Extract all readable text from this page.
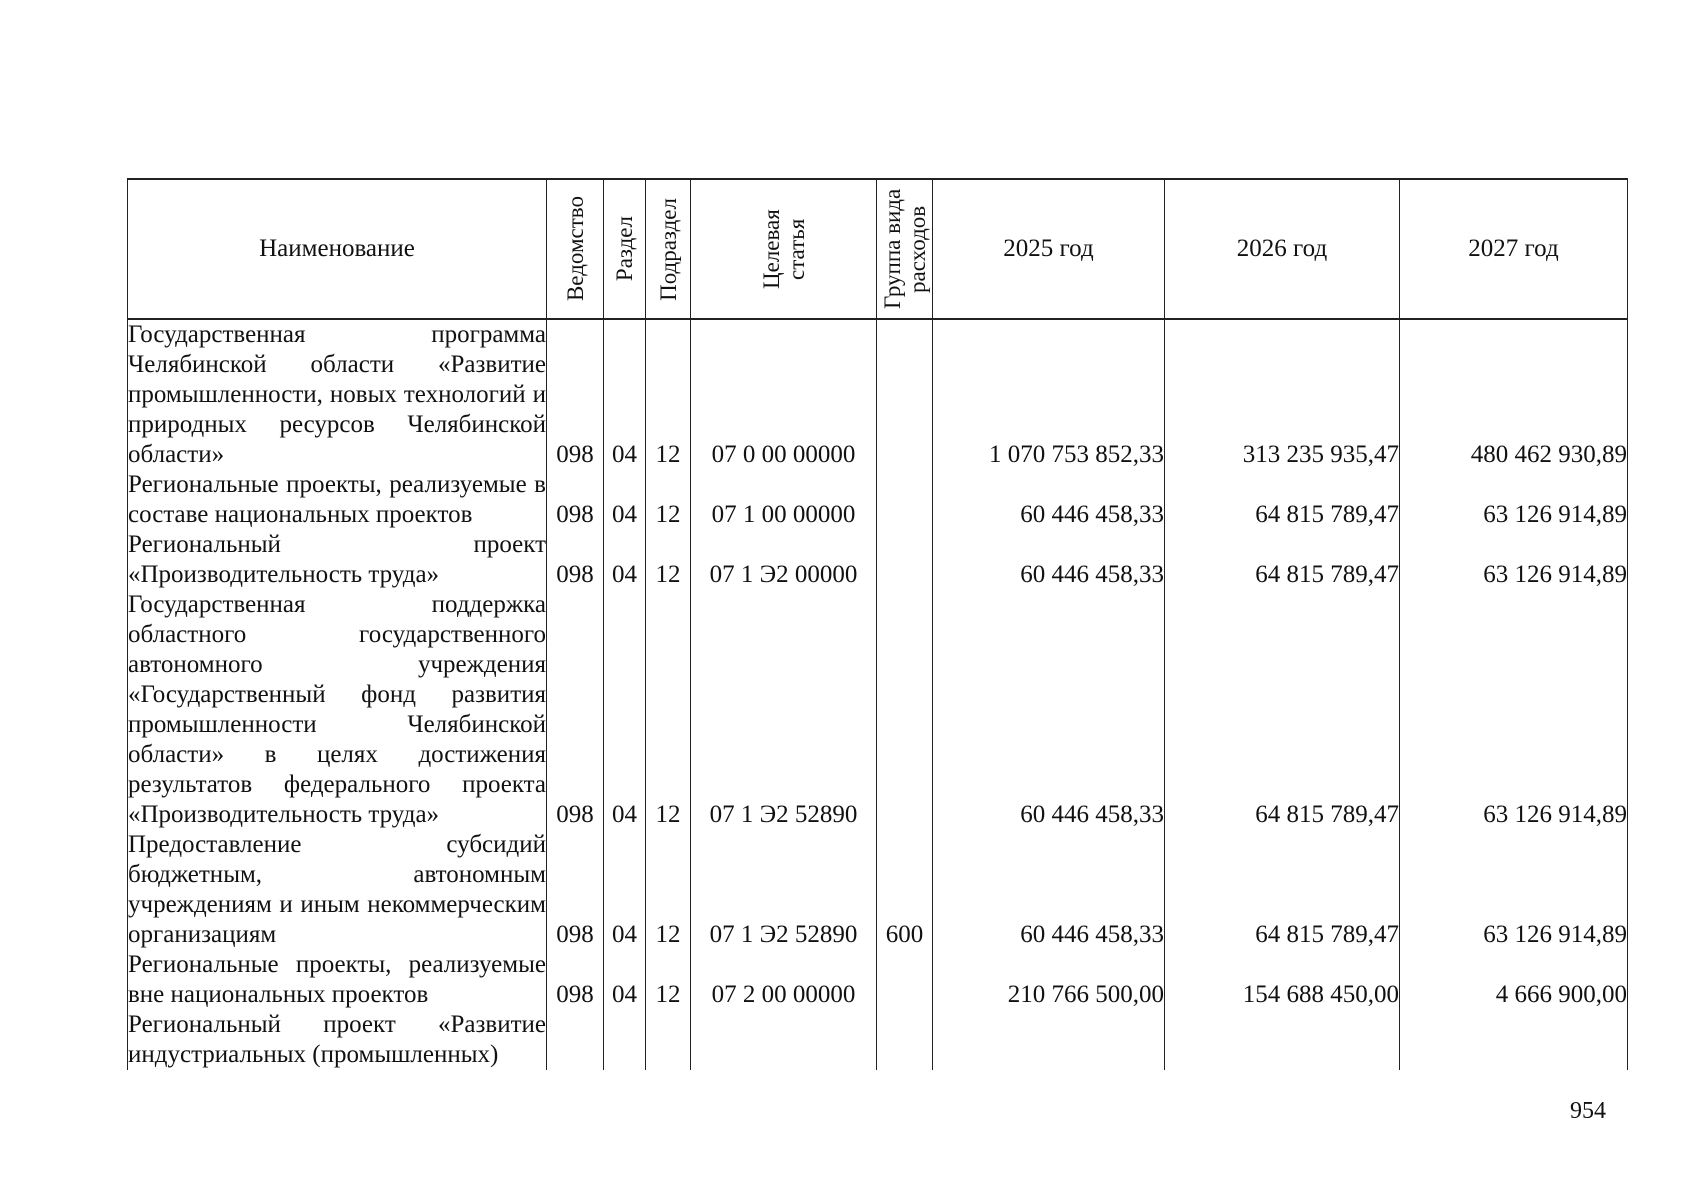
Наименование	Ведомство	Раздел	Подраздел	Целевая статья	Группа вида расходов	2025 год	2026 год	2027 год
Государственная программа Челябинской области «Развитие промышленности, новых технологий и природных ресурсов Челябинской области»	098	04	12	07 0 00 00000		1 070 753 852,33	313 235 935,47	480 462 930,89
Региональные проекты, реализуемые в составе национальных проектов	098	04	12	07 1 00 00000		60 446 458,33	64 815 789,47	63 126 914,89
Региональный проект «Производительность труда»	098	04	12	07 1 Э2 00000		60 446 458,33	64 815 789,47	63 126 914,89
Государственная поддержка областного государственного автономного учреждения «Государственный фонд развития промышленности Челябинской области» в целях достижения результатов федерального проекта «Производительность труда»	098	04	12	07 1 Э2 52890		60 446 458,33	64 815 789,47	63 126 914,89
Предоставление субсидий бюджетным, автономным учреждениям и иным некоммерческим организациям	098	04	12	07 1 Э2 52890	600	60 446 458,33	64 815 789,47	63 126 914,89
Региональные проекты, реализуемые вне национальных проектов	098	04	12	07 2 00 00000		210 766 500,00	154 688 450,00	4 666 900,00
Региональный проект «Развитие индустриальных (промышленных)								
954
